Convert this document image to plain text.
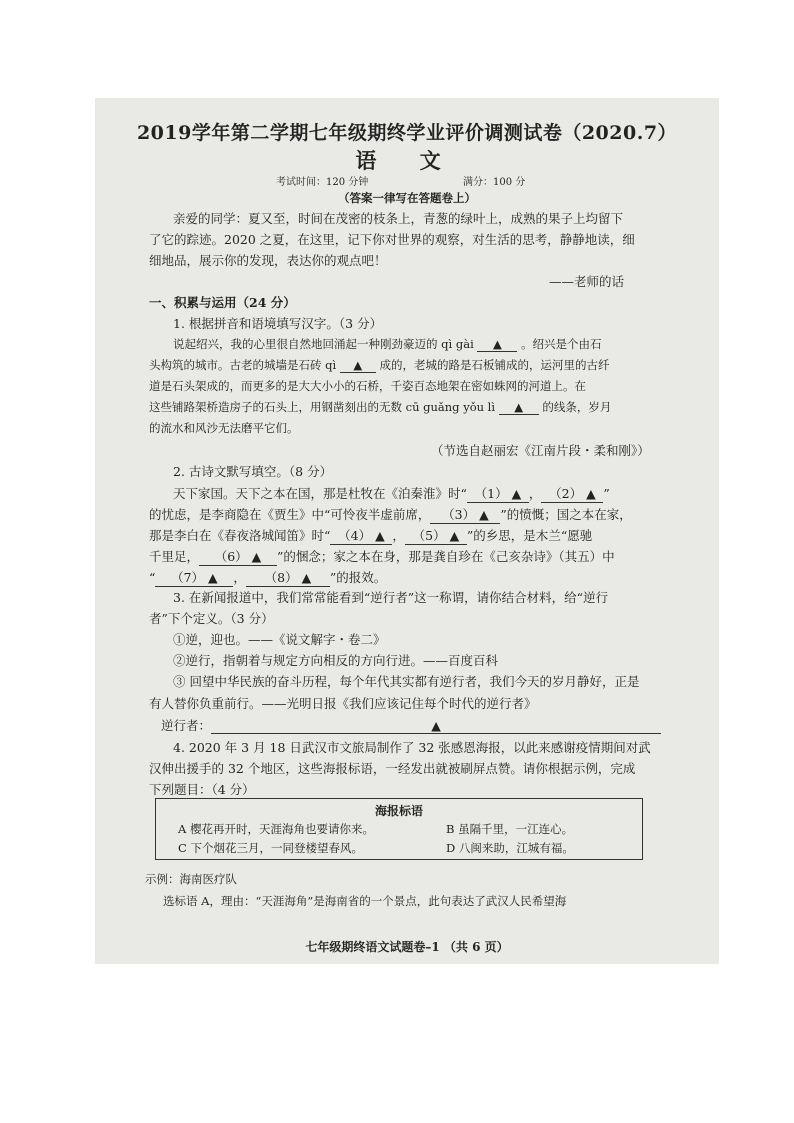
2019学年第二学期七年级期终学业评价调测试卷（2020.7）
语 文
考试时间：120 分钟	满分：100 分
（答案一律写在答题卷上）
亲爱的同学：夏又至，时间在茂密的枝条上，青葱的绿叶上，成熟的果子上均留下
了它的踪迹。2020 之夏，在这里，记下你对世界的观察，对生活的思考，静静地读，细
细地品，展示你的发现，表达你的观点吧！
——老师的话
一、积累与运用（24 分）
1. 根据拼音和语境填写汉字。（3 分）
说起绍兴，我的心里很自然地回涌起一种刚劲豪迈的 qì gài ▲ 。绍兴是个由石
头构筑的城市。古老的城墙是石砖 qì ▲ 成的，老城的路是石板铺成的，运河里的古纤
道是石头架成的，而更多的是大大小小的石桥，千姿百态地架在密如蛛网的河道上。在
这些铺路架桥造房子的石头上，用钢凿刻出的无数 cū guǎng yǒu lì ▲ 的线条，岁月
的流水和风沙无法磨平它们。
（节选自赵丽宏《江南片段・柔和刚》）
2. 古诗文默写填空。（8 分）
天下家国。天下之本在国，那是杜牧在《泊秦淮》时“ （1） ▲ ， （2） ▲ ”
的忧虑，是李商隐在《贾生》中“可怜夜半虚前席， （3） ▲ ”的愤慨；国之本在家，
那是李白在《春夜洛城闻笛》时“ （4） ▲ ， （5） ▲ ”的乡思，是木兰“愿驰
千里足， （6） ▲ ”的悃念；家之本在身，那是龚自珍在《己亥杂诗》（其五）中
“ （7） ▲ ， （8） ▲ ”的报效。
3. 在新闻报道中，我们常常能看到“逆行者”这一称谓，请你结合材料，给“逆行
者”下个定义。（3 分）
①逆，迎也。——《说文解字・卷二》
②逆行，指朝着与规定方向相反的方向行进。——百度百科
③ 回望中华民族的奋斗历程，每个年代其实都有逆行者，我们今天的岁月静好，正是
有人替你负重前行。——光明日报《我们应该记住每个时代的逆行者》
逆行者：	▲
4. 2020 年 3 月 18 日武汉市文旅局制作了 32 张感恩海报，以此来感谢疫情期间对武
汉伸出援手的 32 个地区，这些海报标语，一经发出就被刷屏点赞。请你根据示例，完成
下列题目：（4 分）
海报标语
A 樱花再开时，天涯海角也要请你来。	B 虽隔千里，一江连心。
C 下个烟花三月，一同登楼望春风。	D 八闽来助，江城有福。
示例：海南医疗队
选标语 A，理由：“天涯海角”是海南省的一个景点，此句表达了武汉人民希望海
七年级期终语文试题卷–1 （共 6 页）
